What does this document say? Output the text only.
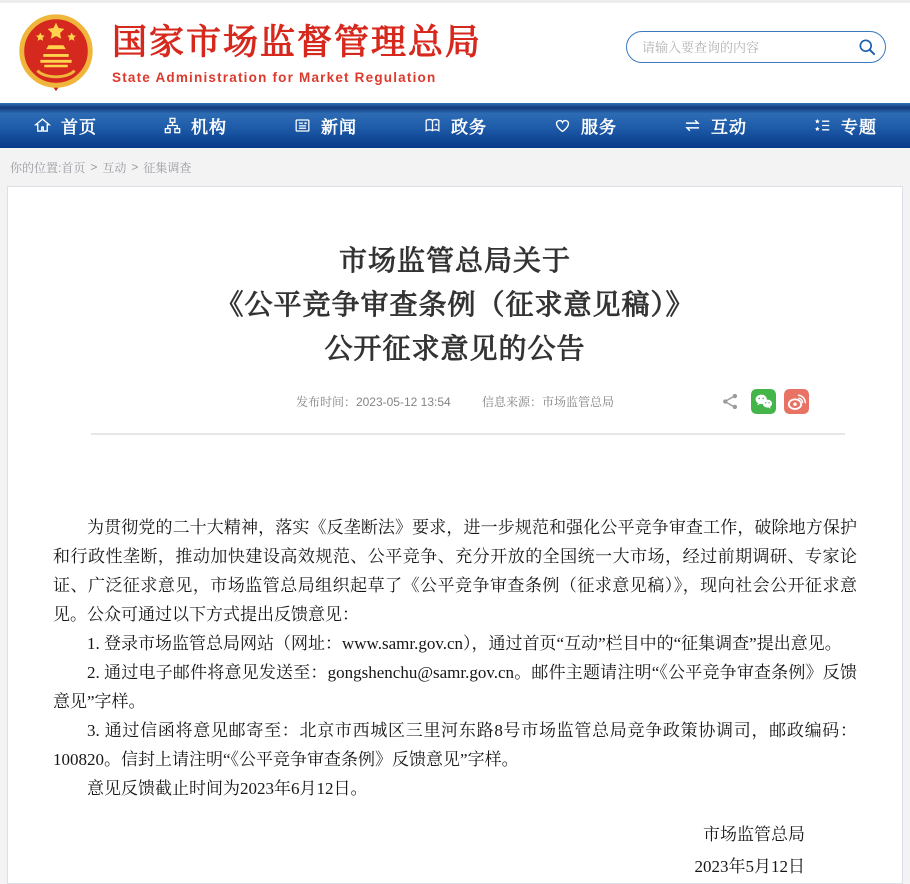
国家市场监督管理总局
State Administration for Market Regulation
请输入要查询的内容
首页	机构	新闻	政务	服务	互动	专题
你的位置: 首页 > 互动 > 征集调查
市场监管总局关于
《公平竞争审查条例（征求意见稿）》
公开征求意见的公告
发布时间：2023-05-12 13:54	信息来源：市场监管总局

为贯彻党的二十大精神，落实《反垄断法》要求，进一步规范和强化公平竞争审查工作，破除地方保护和行政性垄断，推动加快建设高效规范、公平竞争、充分开放的全国统一大市场，经过前期调研、专家论证、广泛征求意见，市场监管总局组织起草了《公平竞争审查条例（征求意见稿）》，现向社会公开征求意见。公众可通过以下方式提出反馈意见：

1. 登录市场监管总局网站（网址：www.samr.gov.cn），通过首页“互动”栏目中的“征集调查”提出意见。

2. 通过电子邮件将意见发送至：gongshenchu@samr.gov.cn。邮件主题请注明“《公平竞争审查条例》反馈意见”字样。

3. 通过信函将意见邮寄至：北京市西城区三里河东路8号市场监管总局竞争政策协调司，邮政编码：100820。信封上请注明“《公平竞争审查条例》反馈意见”字样。

意见反馈截止时间为2023年6月12日。

市场监管总局
2023年5月12日
